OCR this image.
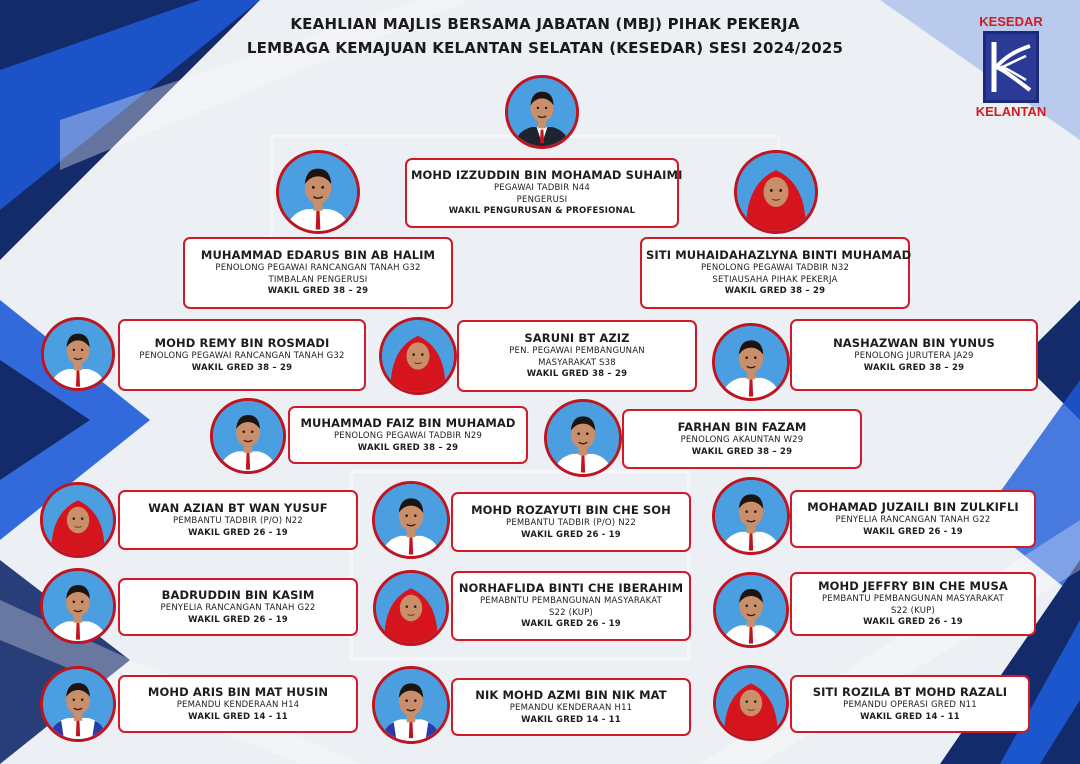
KEAHLIAN MAJLIS BERSAMA JABATAN (MBJ) PIHAK PEKERJA
LEMBAGA KEMAJUAN KELANTAN SELATAN (KESEDAR) SESI 2024/2025
KESEDAR
KELANTAN
MOHD IZZUDDIN BIN MOHAMAD SUHAIMI
PEGAWAI TADBIR N44
PENGERUSI
WAKIL PENGURUSAN & PROFESIONAL
MUHAMMAD EDARUS BIN AB HALIM
PENOLONG PEGAWAI RANCANGAN TANAH G32
TIMBALAN PENGERUSI
WAKIL GRED 38 – 29
SITI MUHAIDAHAZLYNA BINTI MUHAMAD
PENOLONG PEGAWAI TADBIR N32
SETIAUSAHA PIHAK PEKERJA
WAKIL GRED 38 – 29
MOHD REMY BIN ROSMADI
PENOLONG PEGAWAI RANCANGAN TANAH G32
WAKIL GRED 38 – 29
SARUNI BT AZIZ
PEN. PEGAWAI PEMBANGUNAN
MASYARAKAT S38
WAKIL GRED 38 – 29
NASHAZWAN BIN YUNUS
PENOLONG JURUTERA JA29
WAKIL GRED 38 – 29
MUHAMMAD FAIZ BIN MUHAMAD
PENOLONG PEGAWAI TADBIR N29
WAKIL GRED 38 – 29
FARHAN BIN FAZAM
PENOLONG AKAUNTAN W29
WAKIL GRED 38 – 29
WAN AZIAN BT WAN YUSUF
PEMBANTU TADBIR (P/O) N22
WAKIL GRED 26 - 19
MOHD ROZAYUTI BIN CHE SOH
PEMBANTU TADBIR (P/O) N22
WAKIL GRED 26 - 19
MOHAMAD JUZAILI BIN ZULKIFLI
PENYELIA RANCANGAN TANAH G22
WAKIL GRED 26 - 19
BADRUDDIN BIN KASIM
PENYELIA RANCANGAN TANAH G22
WAKIL GRED 26 - 19
NORHAFLIDA BINTI CHE IBERAHIM
PEMABNTU PEMBANGUNAN MASYARAKAT
S22 (KUP)
WAKIL GRED 26 - 19
MOHD JEFFRY BIN CHE MUSA
PEMBANTU PEMBANGUNAN MASYARAKAT
S22 (KUP)
WAKIL GRED 26 - 19
MOHD ARIS BIN MAT HUSIN
PEMANDU KENDERAAN H14
WAKIL GRED 14 - 11
NIK MOHD AZMI BIN NIK MAT
PEMANDU KENDERAAN H11
WAKIL GRED 14 - 11
SITI ROZILA BT MOHD RAZALI
PEMANDU OPERASI GRED N11
WAKIL GRED 14 - 11
